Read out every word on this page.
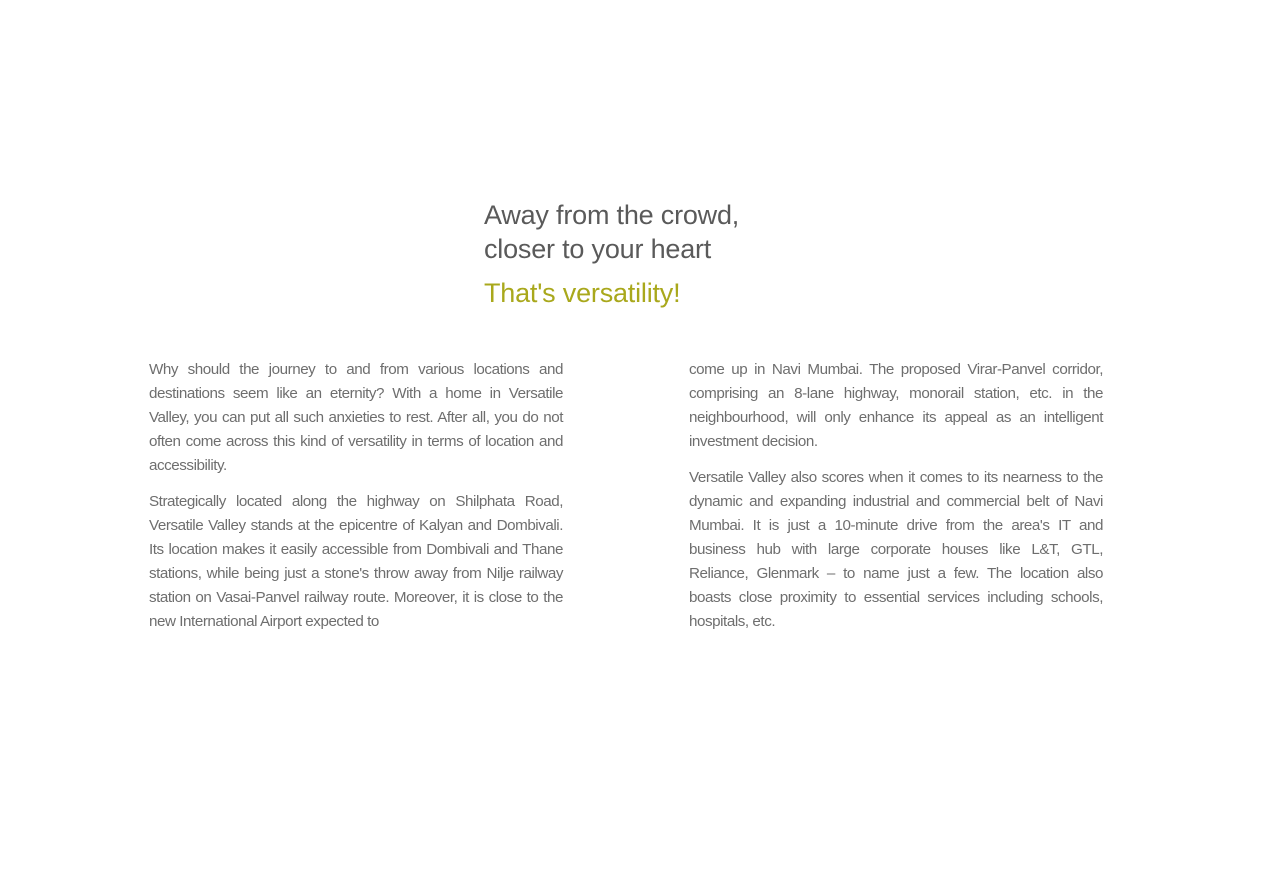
Away from the crowd,
closer to your heart
That's versatility!

Why should the journey to and from various locations and destinations seem like an eternity? With a home in Versatile Valley, you can put all such anxieties to rest. After all, you do not often come across this kind of versatility in terms of location and accessibility.

Strategically located along the highway on Shilphata Road, Versatile Valley stands at the epicentre of Kalyan and Dombivali. Its location makes it easily accessible from Dombivali and Thane stations, while being just a stone's throw away from Nilje railway station on Vasai-Panvel railway route. Moreover, it is close to the new International Airport expected to

come up in Navi Mumbai. The proposed Virar-Panvel corridor, comprising an 8-lane highway, monorail station, etc. in the neighbourhood, will only enhance its appeal as an intelligent investment decision.

Versatile Valley also scores when it comes to its nearness to the dynamic and expanding industrial and commercial belt of Navi Mumbai. It is just a 10-minute drive from the area's IT and business hub with large corporate houses like L&T, GTL, Reliance, Glenmark – to name just a few. The location also boasts close proximity to essential services including schools, hospitals, etc.
